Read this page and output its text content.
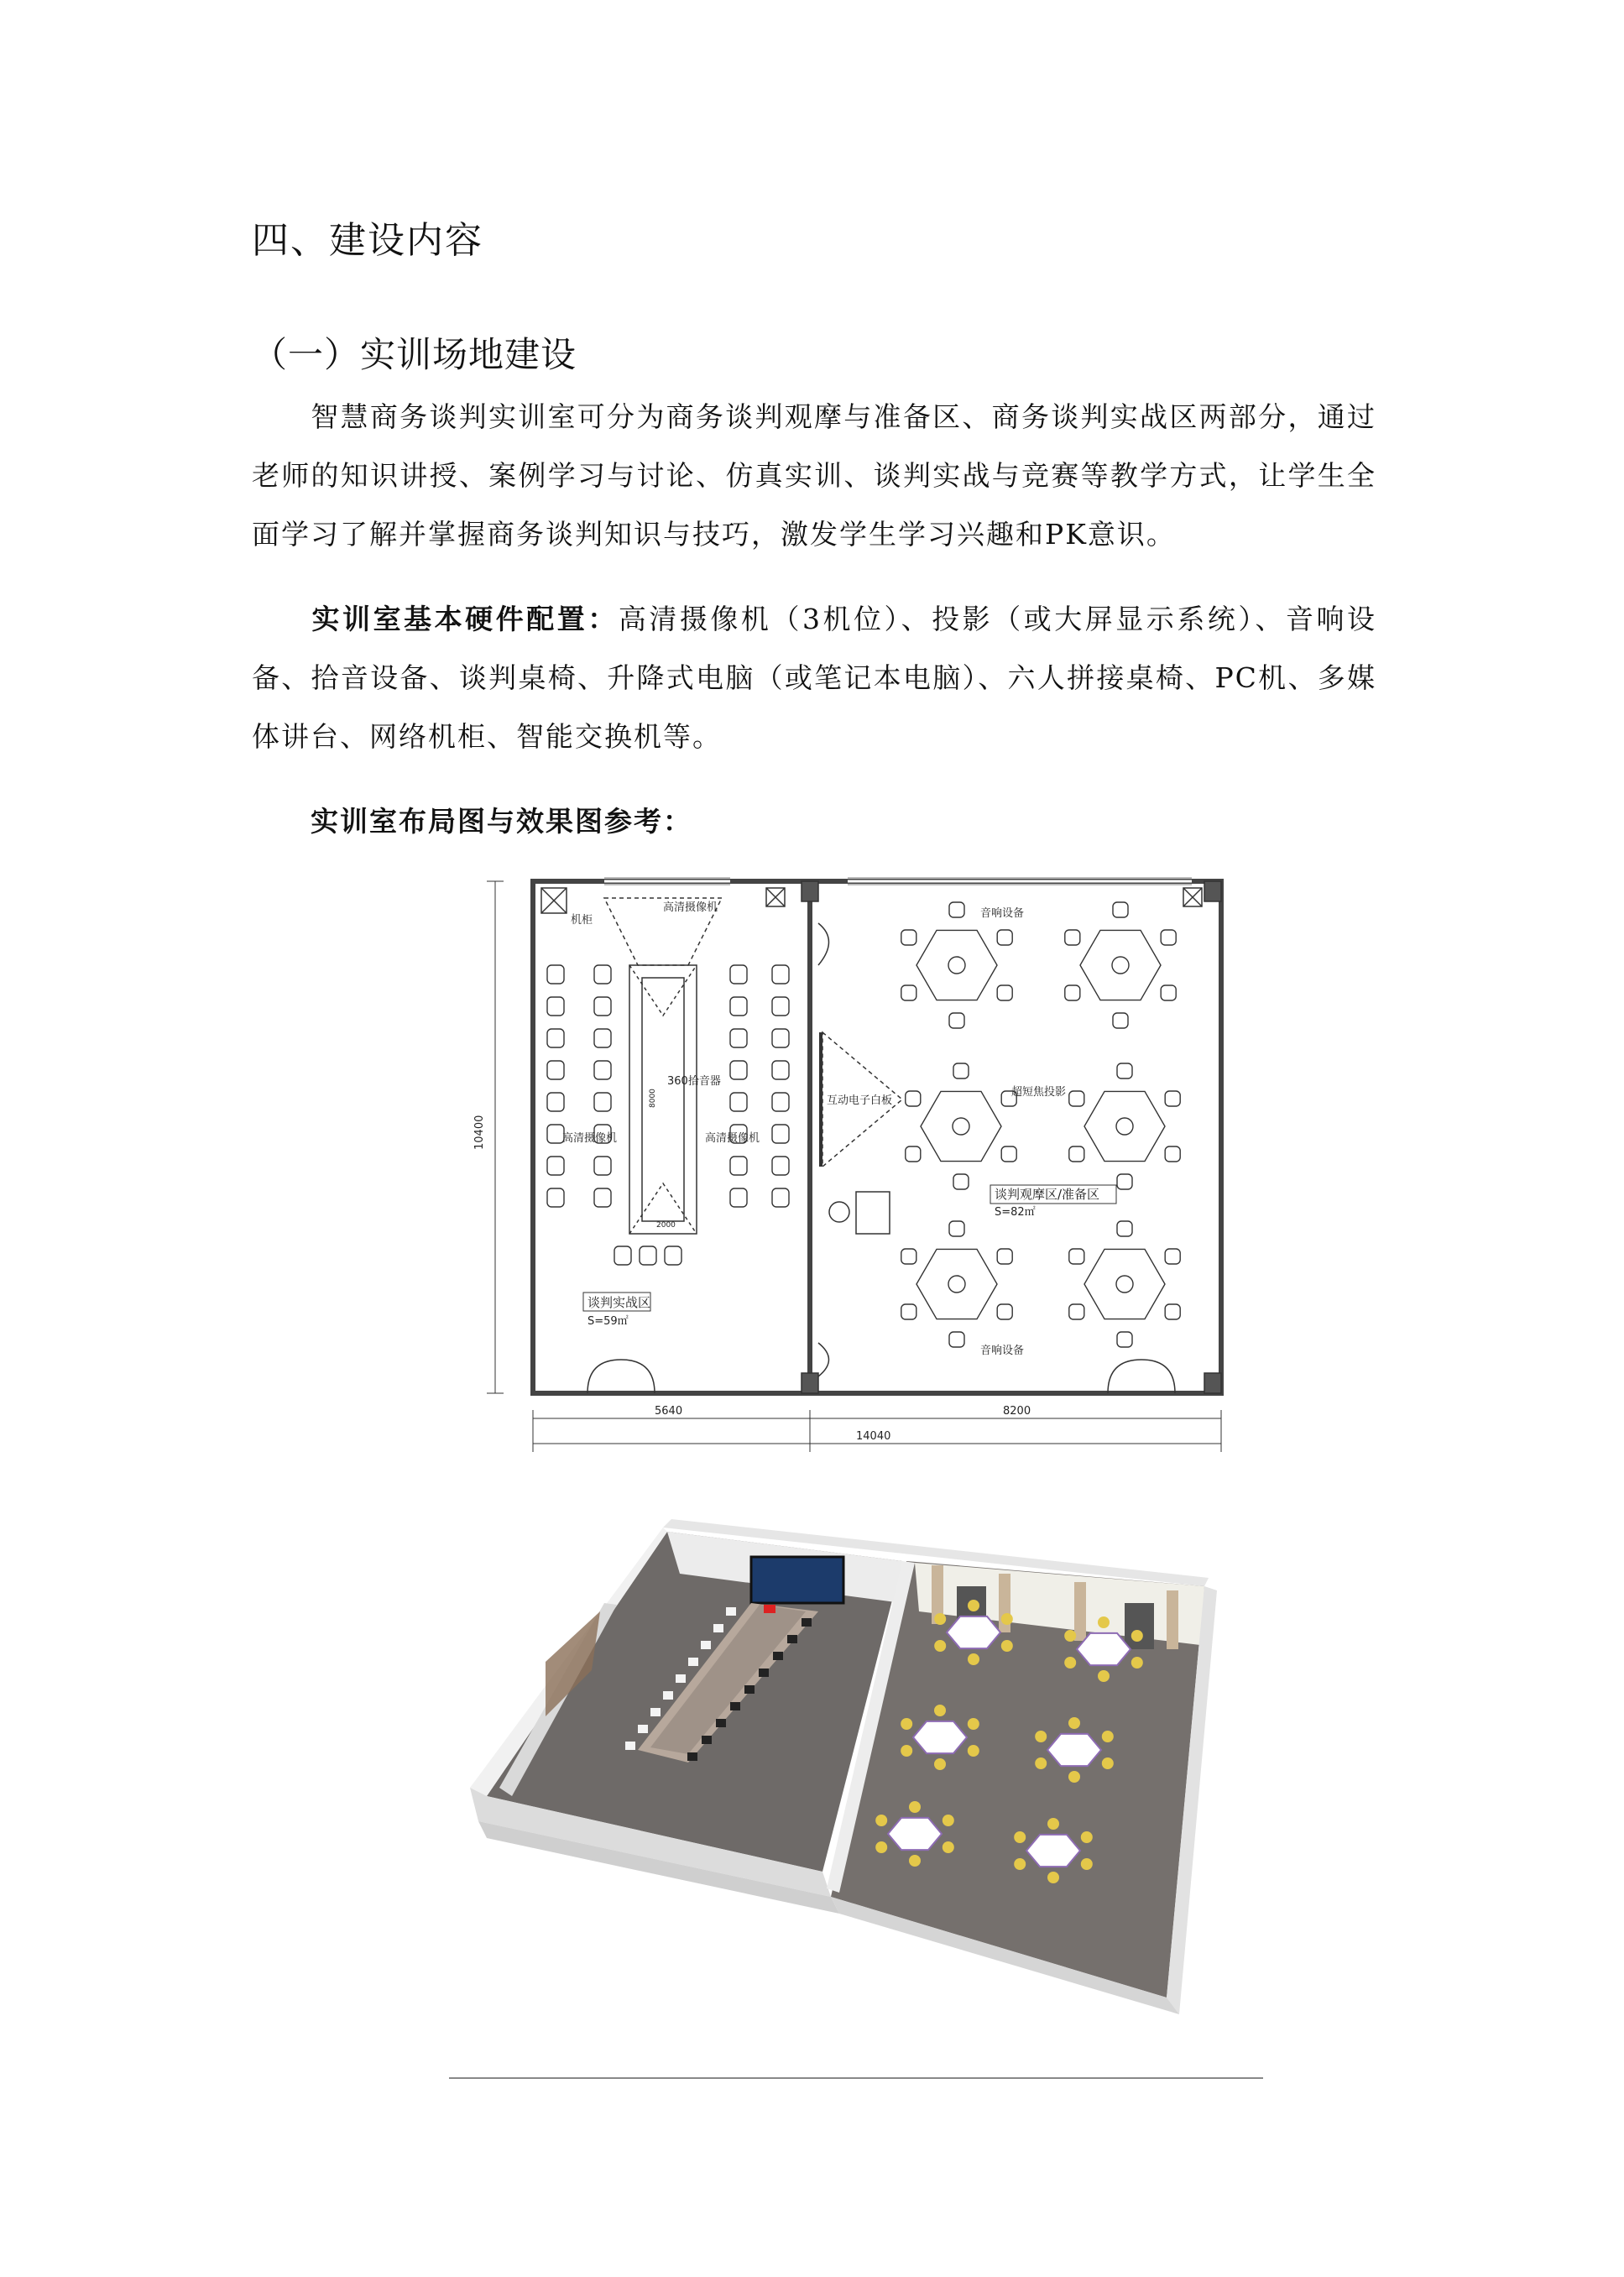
四、建设内容
（一）实训场地建设
智慧商务谈判实训室可分为商务谈判观摩与准备区、商务谈判实战区两部分，通过老师的知识讲授、案例学习与讨论、仿真实训、谈判实战与竞赛等教学方式，让学生全面学习了解并掌握商务谈判知识与技巧，激发学生学习兴趣和PK意识。
实训室基本硬件配置：高清摄像机（3机位）、投影（或大屏显示系统）、音响设备、拾音设备、谈判桌椅、升降式电脑（或笔记本电脑）、六人拼接桌椅、PC机、多媒体讲台、网络机柜、智能交换机等。
实训室布局图与效果图参考：
机柜
高清摄像机
360拾音器
高清摄像机	高清摄像机
8000
2000
互动电子白板
超短焦投影
音响设备
音响设备
谈判实战区
S=59㎡
谈判观摩区/准备区
S=82㎡
10400
5640	8200
14040
